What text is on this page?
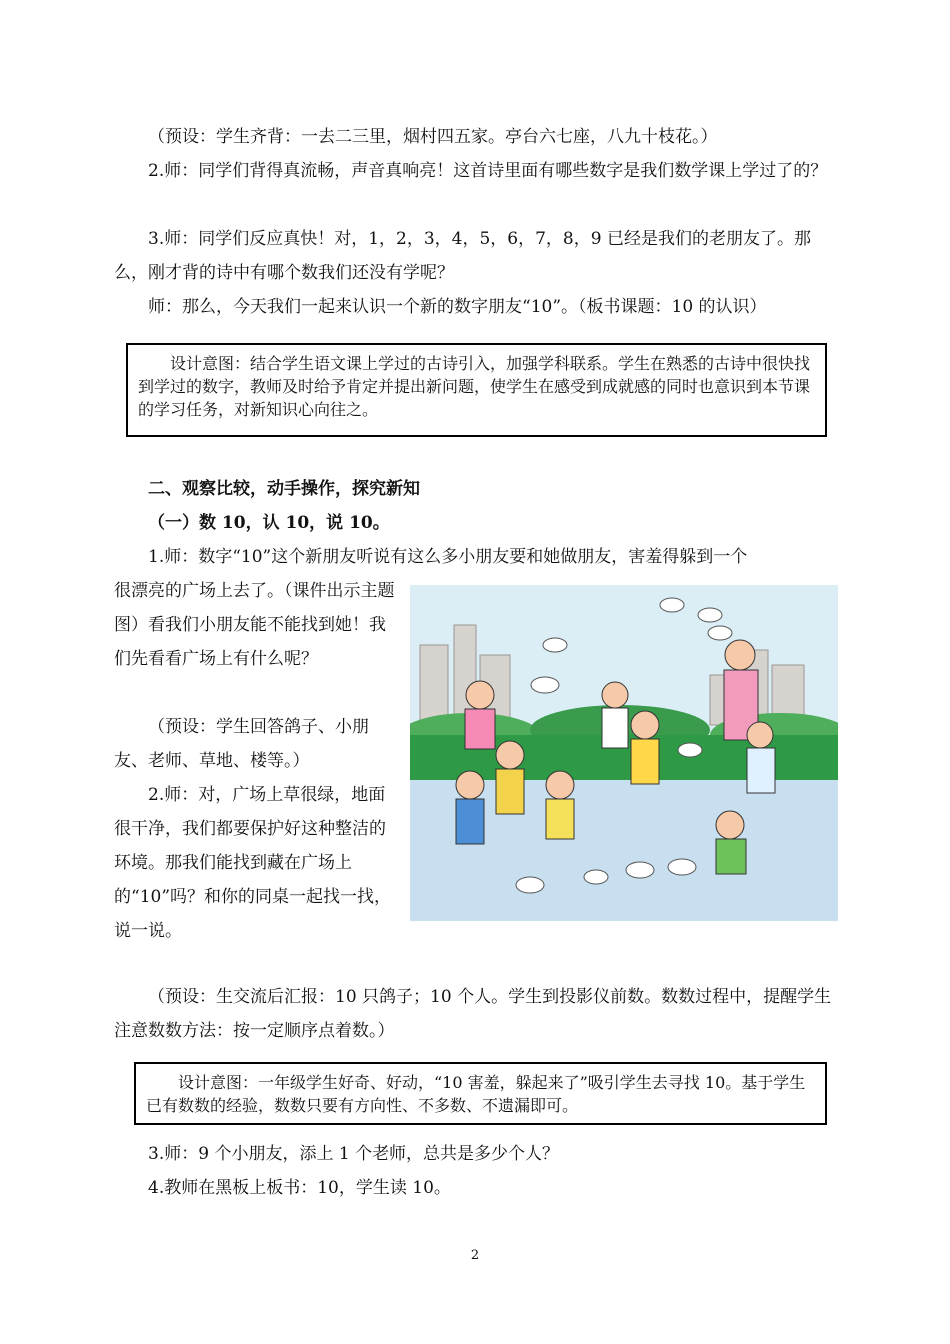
（预设：学生齐背：一去二三里，烟村四五家。亭台六七座，八九十枝花。）

2.师：同学们背得真流畅，声音真响亮！这首诗里面有哪些数字是我们数学课上学过了的？

3.师：同学们反应真快！对，1，2，3，4，5，6，7，8，9 已经是我们的老朋友了。那么，刚才背的诗中有哪个数我们还没有学呢？

师：那么，今天我们一起来认识一个新的数字朋友“10”。（板书课题：10 的认识）

设计意图：结合学生语文课上学过的古诗引入，加强学科联系。学生在熟悉的古诗中很快找到学过的数字，教师及时给予肯定并提出新问题，使学生在感受到成就感的同时也意识到本节课的学习任务，对新知识心向往之。

二、观察比较，动手操作，探究新知

（一）数 10，认 10，说 10。

1.师：数字“10”这个新朋友听说有这么多小朋友要和她做朋友，害羞得躲到一个

很漂亮的广场上去了。（课件出示主题图）看我们小朋友能不能找到她！我们先看看广场上有什么呢？

（预设：学生回答鸽子、小朋友、老师、草地、楼等。）

2.师：对，广场上草很绿，地面很干净，我们都要保护好这种整洁的环境。那我们能找到藏在广场上的“10”吗？和你的同桌一起找一找，说一说。

（预设：生交流后汇报：10 只鸽子；10 个人。学生到投影仪前数。数数过程中，提醒学生注意数数方法：按一定顺序点着数。）

设计意图：一年级学生好奇、好动，“10 害羞，躲起来了”吸引学生去寻找 10。基于学生已有数数的经验，数数只要有方向性、不多数、不遗漏即可。

3.师：9 个小朋友，添上 1 个老师，总共是多少个人？

4.教师在黑板上板书：10，学生读 10。

2
